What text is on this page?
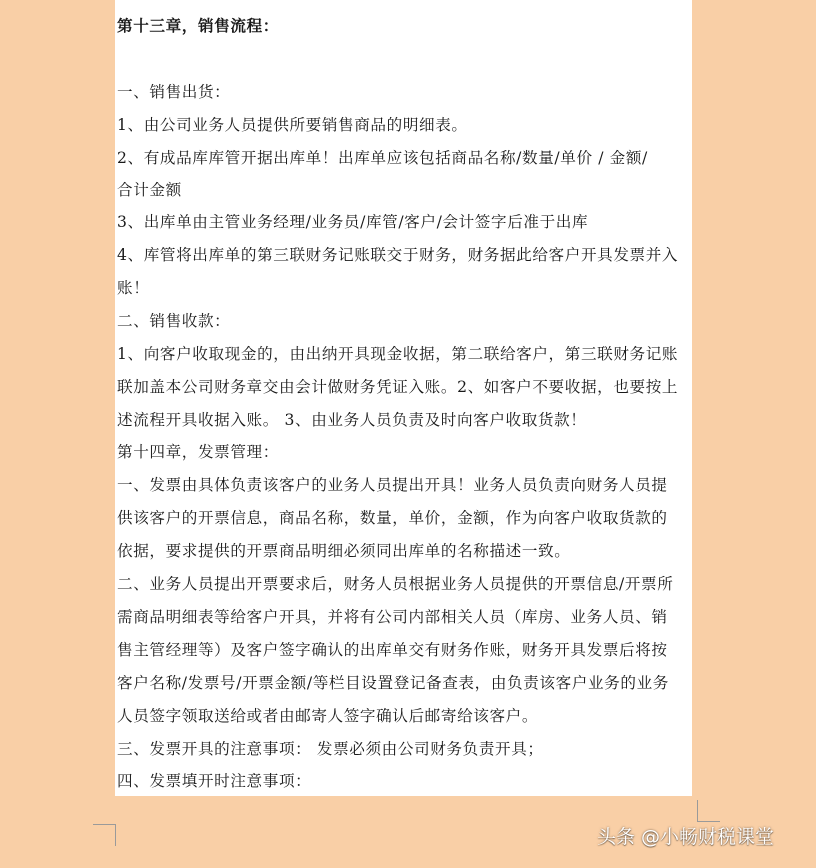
第十三章，销售流程：
一、销售出货：
1、由公司业务人员提供所要销售商品的明细表。
2、有成品库库管开据出库单！出库单应该包括商品名称/数量/单价 / 金额/
合计金额
3、出库单由主管业务经理/业务员/库管/客户/会计签字后准于出库
4、库管将出库单的第三联财务记账联交于财务，财务据此给客户开具发票并入
账！
二、销售收款：
1、向客户收取现金的，由出纳开具现金收据，第二联给客户，第三联财务记账
联加盖本公司财务章交由会计做财务凭证入账。2、如客户不要收据，也要按上
述流程开具收据入账。 3、由业务人员负责及时向客户收取货款！
第十四章，发票管理：
一、发票由具体负责该客户的业务人员提出开具！业务人员负责向财务人员提
供该客户的开票信息，商品名称，数量，单价，金额，作为向客户收取货款的
依据，要求提供的开票商品明细必须同出库单的名称描述一致。
二、业务人员提出开票要求后，财务人员根据业务人员提供的开票信息/开票所
需商品明细表等给客户开具，并将有公司内部相关人员（库房、业务人员、销
售主管经理等）及客户签字确认的出库单交有财务作账，财务开具发票后将按
客户名称/发票号/开票金额/等栏目设置登记备查表，由负责该客户业务的业务
人员签字领取送给或者由邮寄人签字确认后邮寄给该客户。
三、发票开具的注意事项： 发票必须由公司财务负责开具；
四、发票填开时注意事项：
头条 @小畅财税课堂
